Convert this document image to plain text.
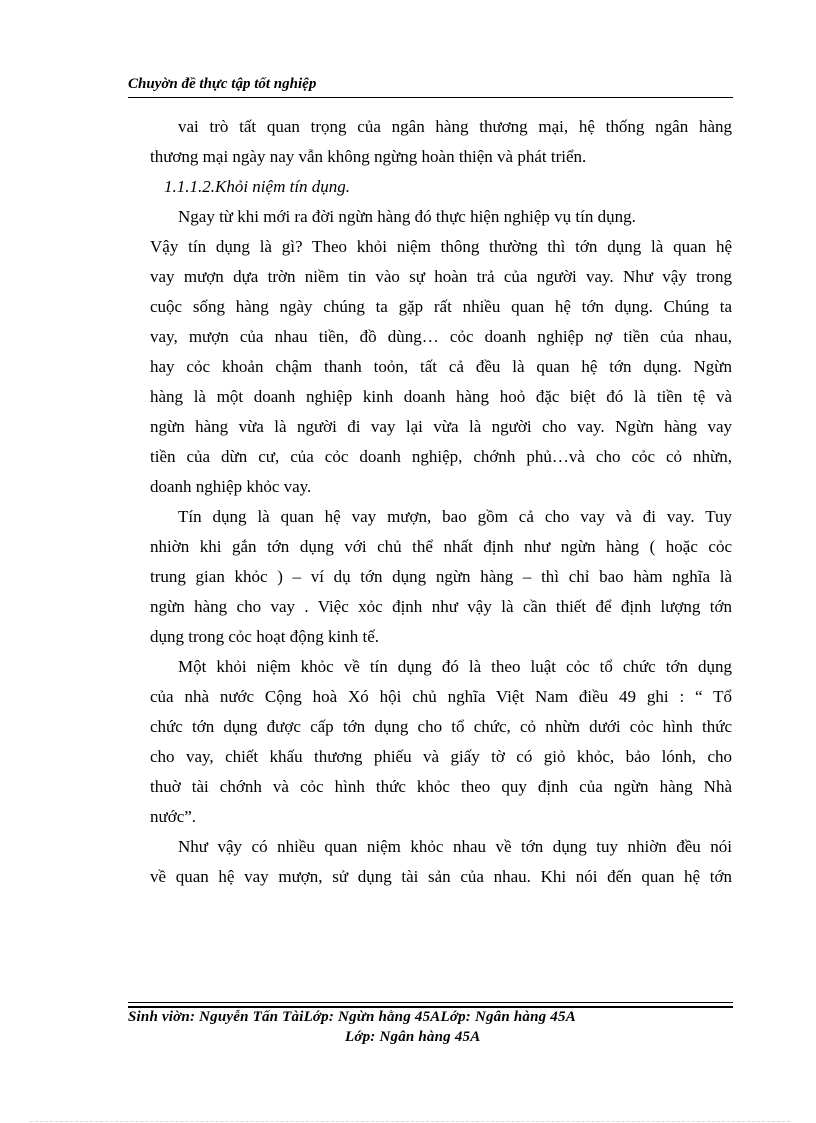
Chuyờn đề thực tập tốt nghiệp
vai trò tất quan trọng của ngân hàng thương mại, hệ thống ngân hàng
thương mại ngày nay vẫn không ngừng hoàn thiện và phát triển.
1.1.1.2.Khỏi niệm tín dụng.
Ngay từ khi mới ra đời ngừn hàng đó thực hiện nghiệp vụ tín dụng.
Vậy tín dụng là gì? Theo khỏi niệm thông thường thì tớn dụng là quan hệ
vay mượn dựa trờn niềm tin vào sự hoàn trả của người vay. Như vậy trong
cuộc sống hàng ngày chúng ta gặp rất nhiều quan hệ tớn dụng. Chúng ta
vay, mượn của nhau tiền, đồ dùng… cỏc doanh nghiệp nợ tiền của nhau,
hay cỏc khoản chậm thanh toỏn, tất cả đều là quan hệ tớn dụng. Ngừn
hàng là một doanh nghiệp kinh doanh hàng hoỏ đặc biệt đó là tiền tệ và
ngừn hàng vừa là người đi vay lại vừa là người cho vay. Ngừn hàng vay
tiền của dừn cư, của cỏc doanh nghiệp, chớnh phủ…và cho cỏc cỏ nhừn,
doanh nghiệp khỏc vay.
Tín dụng là quan hệ vay mượn, bao gồm cả cho vay và đi vay. Tuy
nhiờn khi gắn tớn dụng với chủ thể nhất định như ngừn hàng ( hoặc cỏc
trung gian khỏc ) – ví dụ tớn dụng ngừn hàng – thì chỉ bao hàm nghĩa là
ngừn hàng cho vay . Việc xỏc định như vậy là cần thiết để định lượng tớn
dụng trong cỏc hoạt động kinh tế.
Một khỏi niệm khỏc về tín dụng đó là theo luật cỏc tổ chức tớn dụng
của nhà nước Cộng hoà Xó hội chủ nghĩa Việt Nam điều 49 ghi : “ Tổ
chức tớn dụng được cấp tớn dụng cho tổ chức, cỏ nhừn dưới cỏc hình thức
cho vay, chiết khấu thương phiếu và giấy tờ có giỏ khỏc, bảo lónh, cho
thuờ tài chớnh và cỏc hình thức khỏc theo quy định của ngừn hàng Nhà
nước”.
Như vậy có nhiều quan niệm khỏc nhau về tớn dụng tuy nhiờn đều nói
về quan hệ vay mượn, sử dụng tài sản của nhau. Khi nói đến quan hệ tớn
Sinh viờn: Nguyễn Tấn TàiLớp: Ngừn hằng 45ALớp: Ngân hàng 45A
Lớp: Ngân hàng 45A
